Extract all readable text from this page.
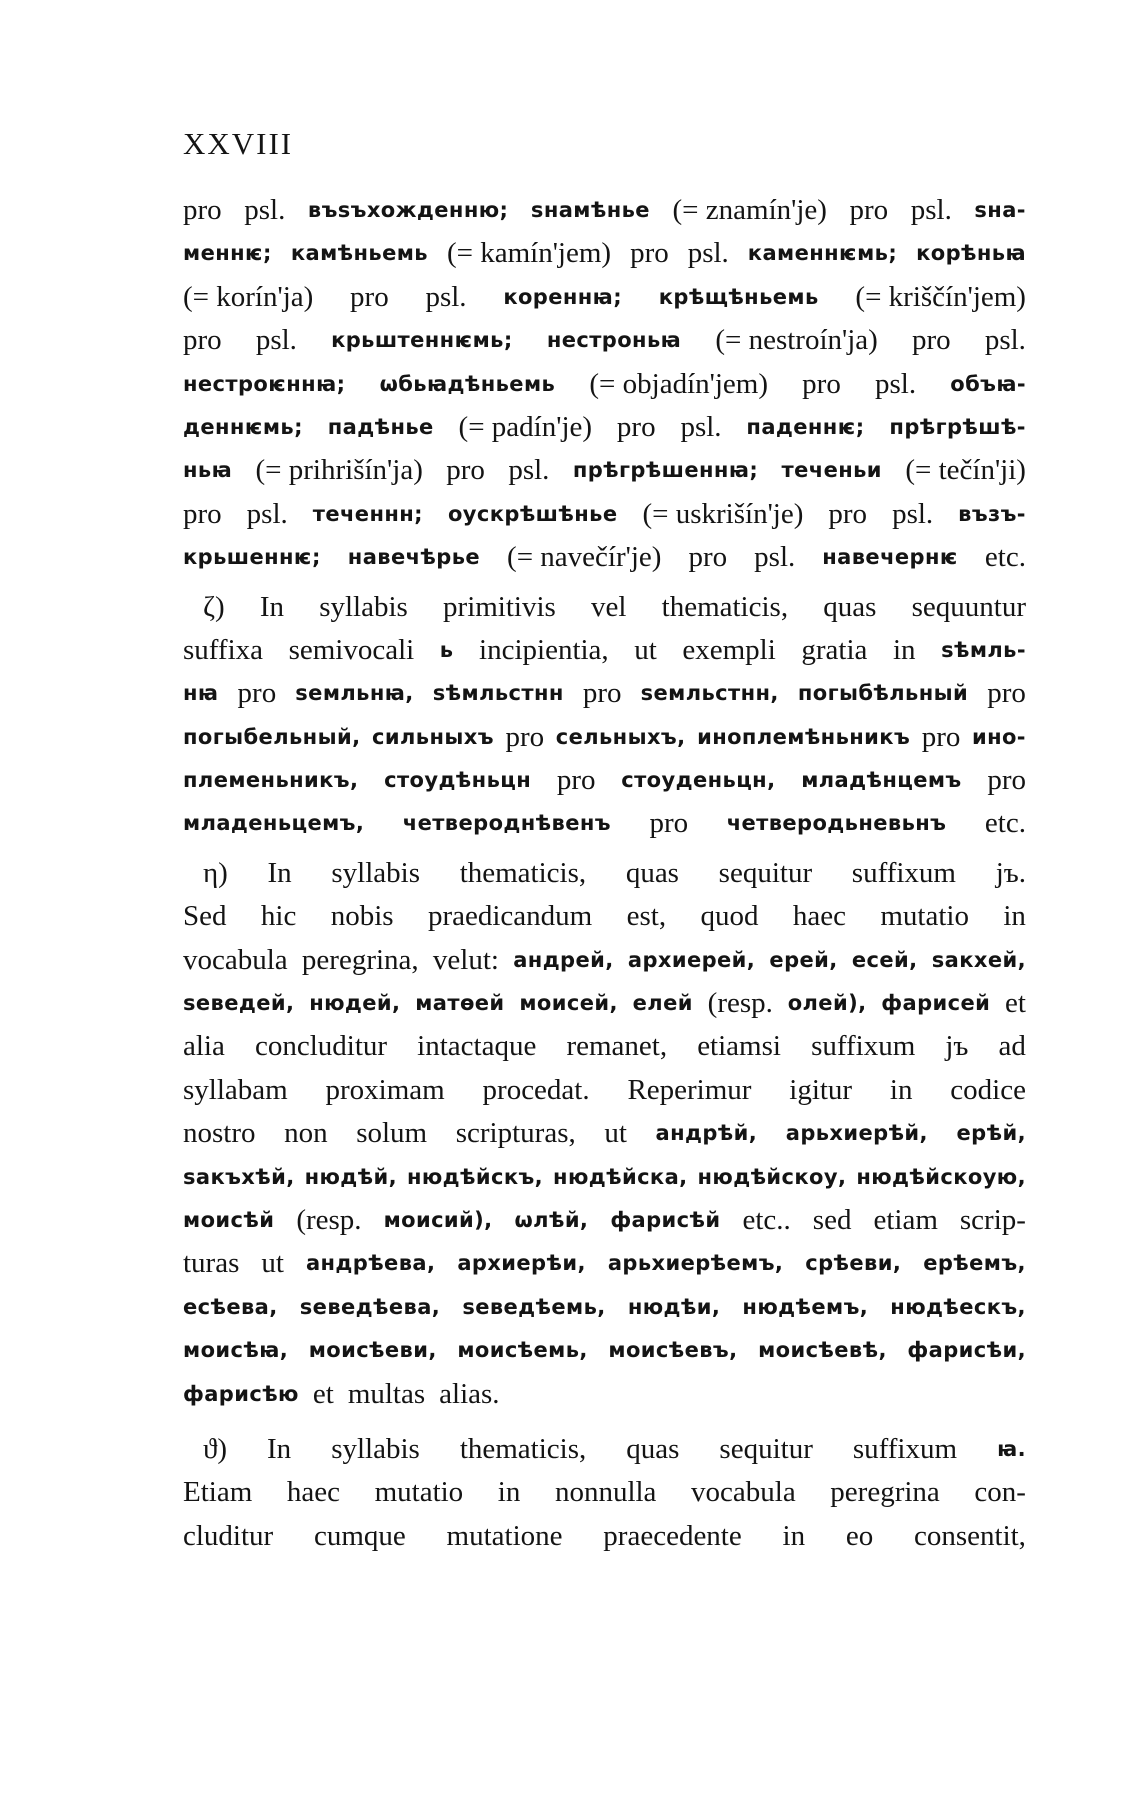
XXVIII
pro psl. въѕъхожденню; ѕнамѣнье (= znamín'je) pro psl. ѕна-
меннѥ; камѣньемь (= kamín'jem) pro psl. каменнѥмь; корѣньꙗ
(= korín'ja) pro psl. кореннꙗ; крѣщѣньемь (= kriščín'jem)
pro psl. крьштеннѥмь; нестроньꙗ (= nestroín'ja) pro psl.
нестроѥннꙗ; ѡбьꙗдѣньемь (= objadín'jem) pro psl. объꙗ-
деннѥмь; падѣнье (= padín'je) pro psl. паденнѥ; прѣгрѣшѣ-
ньꙗ (= prihrišín'ja) pro psl. прѣгрѣшеннꙗ; теченьи (= tečín'ji)
pro psl. теченнн; оускрѣшѣнье (= uskrišín'je) pro psl. възъ-
крьшеннѥ; навечѣрье (= navečír'je) pro psl. навечернѥ etc.
ζ) In syllabis primitivis vel thematicis, quas sequuntur
suffixa semivocali ь incipientia, ut exempli gratia in ѕѣмль-
нꙗ pro ѕемльнꙗ, ѕѣмльстнн pro ѕемльстнн, погыбѣльный pro
погыбельный, сильныхъ pro сельныхъ, иноплемѣньникъ pro ино-
племеньникъ, стоудѣньцн pro стоуденьцн, младѣнцемъ pro
младеньцемъ, четвероднѣвенъ pro четверодьневьнъ etc.
η) In syllabis thematicis, quas sequitur suffixum jъ.
Sed hic nobis praedicandum est, quod haec mutatio in
vocabula peregrina, velut: андрей, архиерей, ерей, есей, ѕакхей,
ѕеведей, нюдей, матѳей моисей, елей (resp. олей), фарисей et
alia concluditur intactaque remanet, etiamsi suffixum jъ ad
syllabam proximam procedat. Reperimur igitur in codice
nostro non solum scripturas, ut андрѣй, арьхиерѣй, ерѣй,
ѕакъхѣй, нюдѣй, нюдѣйскъ, нюдѣйска, нюдѣйскоу, нюдѣйскоую,
моисѣй (resp. моисий), ѡлѣй, фарисѣй etc.. sed etiam scrip-
turas ut андрѣева, архиерѣи, арьхиерѣемъ, срѣеви, ерѣемъ,
есѣева, ѕеведѣева, ѕеведѣемь, нюдѣи, нюдѣемъ, нюдѣескъ,
моисѣꙗ, моисѣеви, моисѣемь, моисѣевъ, моисѣевѣ, фарисѣи,
фарисѣю et multas alias.
ϑ) In syllabis thematicis, quas sequitur suffixum ꙗ.
Etiam haec mutatio in nonnulla vocabula peregrina con-
cluditur cumque mutatione praecedente in eo consentit,
